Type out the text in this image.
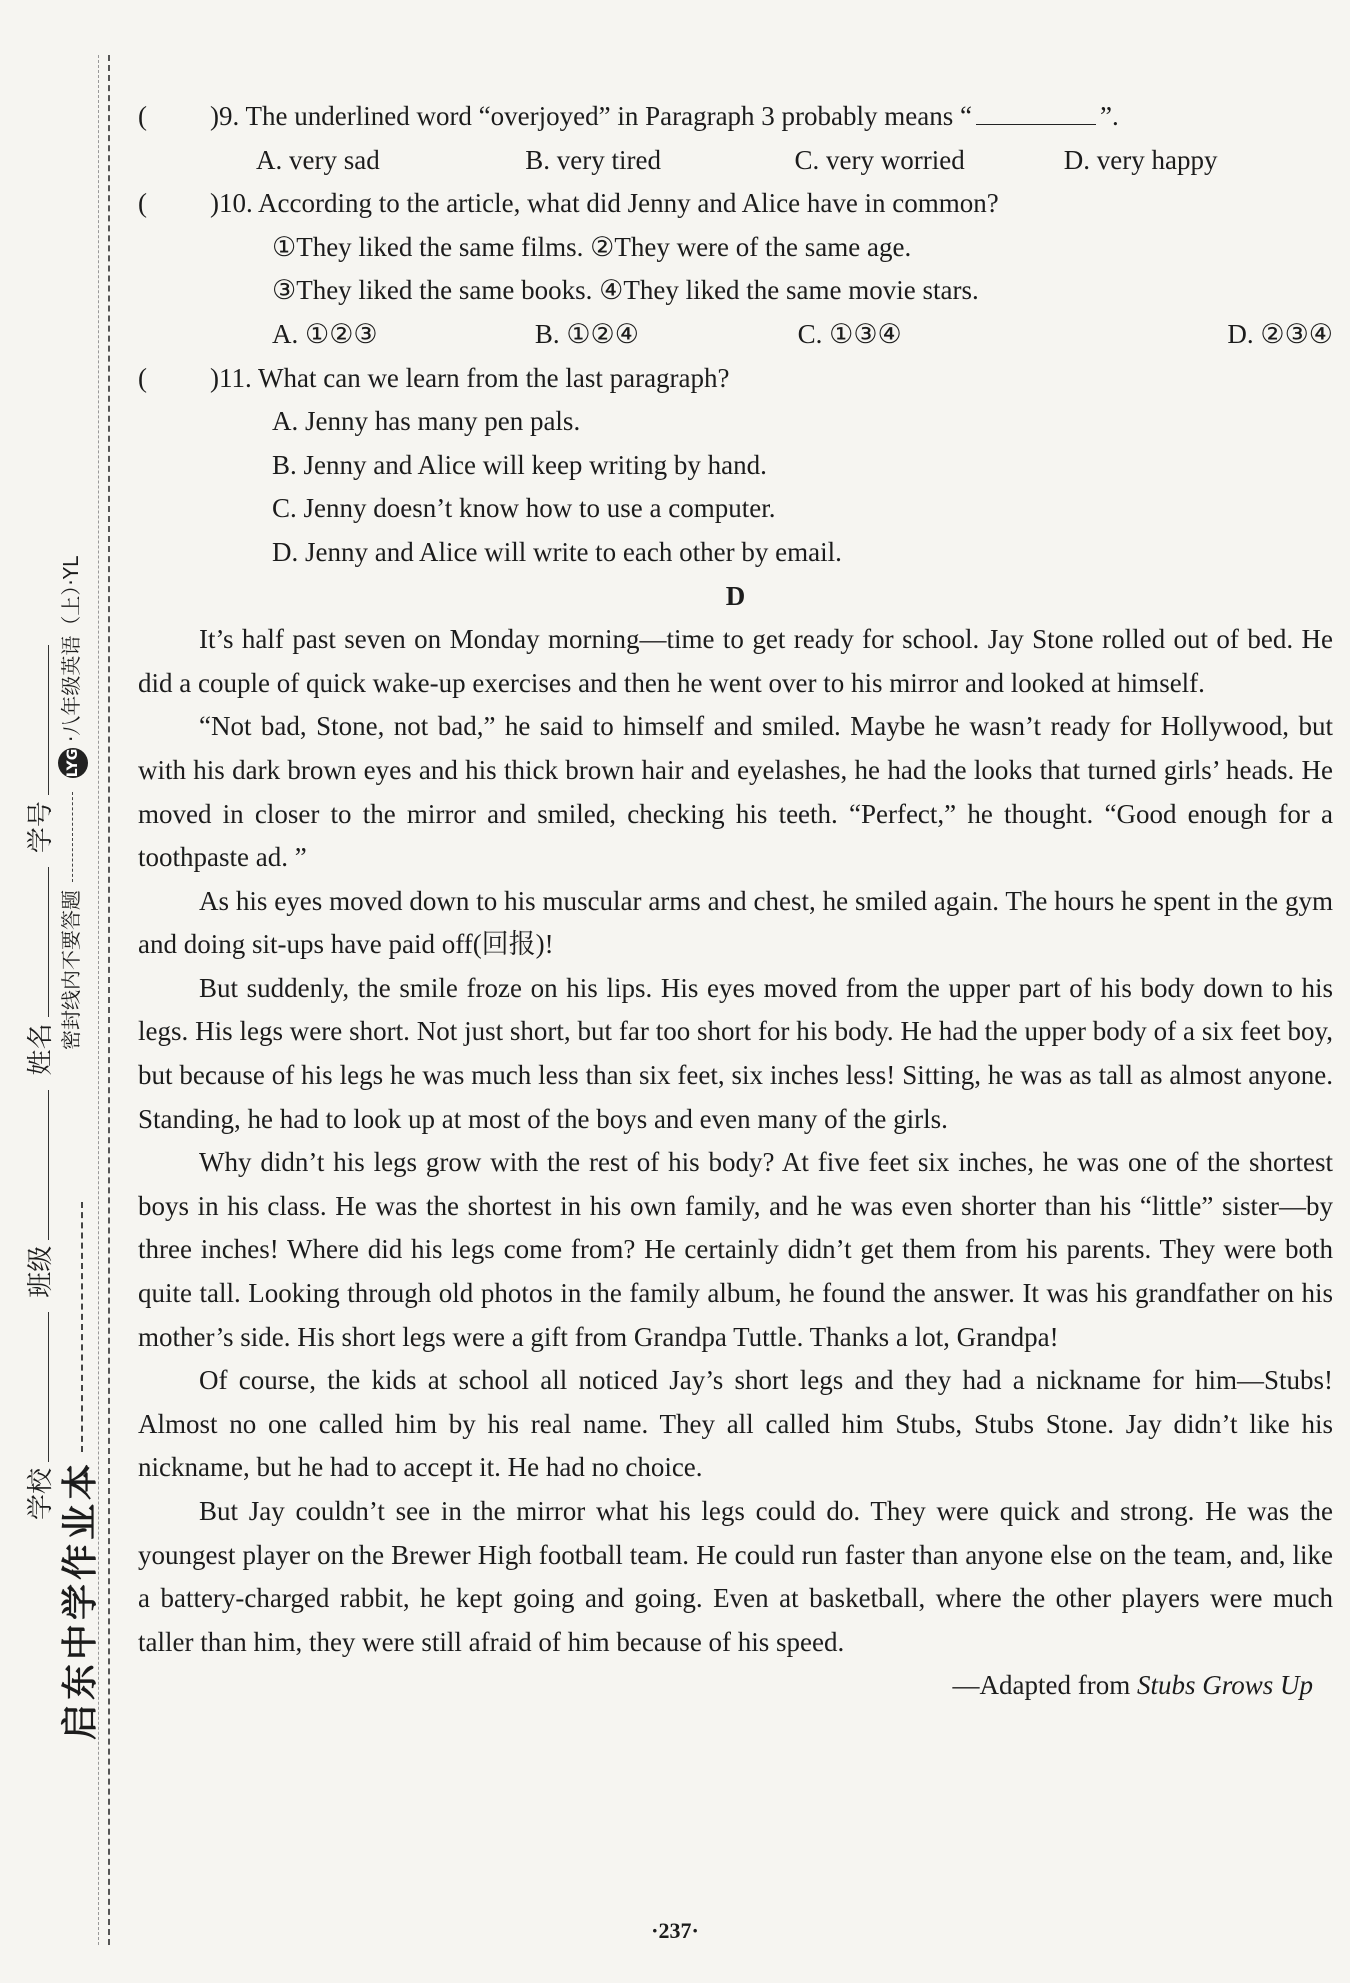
学校 班级 姓名 学号
启东中学作业本
密封线内不要答题LYG·八年级英语（上）·YL
(	)9. The underlined word “overjoyed” in Paragraph 3 probably means “	”.
A. very sad	B. very tired	C. very worried	D. very happy
(	)10. According to the article, what did Jenny and Alice have in common?
①They liked the same films. ②They were of the same age.
③They liked the same books. ④They liked the same movie stars.
A. ①②③	B. ①②④	C. ①③④	D. ②③④
(	)11. What can we learn from the last paragraph?
A. Jenny has many pen pals.
B. Jenny and Alice will keep writing by hand.
C. Jenny doesn’t know how to use a computer.
D. Jenny and Alice will write to each other by email.
D

It’s half past seven on Monday morning—time to get ready for school. Jay Stone rolled out of bed. He did a couple of quick wake-up exercises and then he went over to his mirror and looked at himself.

“Not bad, Stone, not bad,” he said to himself and smiled. Maybe he wasn’t ready for Hollywood, but with his dark brown eyes and his thick brown hair and eyelashes, he had the looks that turned girls’ heads. He moved in closer to the mirror and smiled, checking his teeth. “Perfect,” he thought. “Good enough for a toothpaste ad. ”

As his eyes moved down to his muscular arms and chest, he smiled again. The hours he spent in the gym and doing sit-ups have paid off(回报)!

But suddenly, the smile froze on his lips. His eyes moved from the upper part of his body down to his legs. His legs were short. Not just short, but far too short for his body. He had the upper body of a six feet boy, but because of his legs he was much less than six feet, six inches less! Sitting, he was as tall as almost anyone. Standing, he had to look up at most of the boys and even many of the girls.

Why didn’t his legs grow with the rest of his body? At five feet six inches, he was one of the shortest boys in his class. He was the shortest in his own family, and he was even shorter than his “little” sister—by three inches! Where did his legs come from? He certainly didn’t get them from his parents. They were both quite tall. Looking through old photos in the family album, he found the answer. It was his grandfather on his mother’s side. His short legs were a gift from Grandpa Tuttle. Thanks a lot, Grandpa!

Of course, the kids at school all noticed Jay’s short legs and they had a nickname for him—Stubs! Almost no one called him by his real name. They all called him Stubs, Stubs Stone. Jay didn’t like his nickname, but he had to accept it. He had no choice.

But Jay couldn’t see in the mirror what his legs could do. They were quick and strong. He was the youngest player on the Brewer High football team. He could run faster than anyone else on the team, and, like a battery-charged rabbit, he kept going and going. Even at basketball, where the other players were much taller than him, they were still afraid of him because of his speed.

—Adapted from Stubs Grows Up
·237·
